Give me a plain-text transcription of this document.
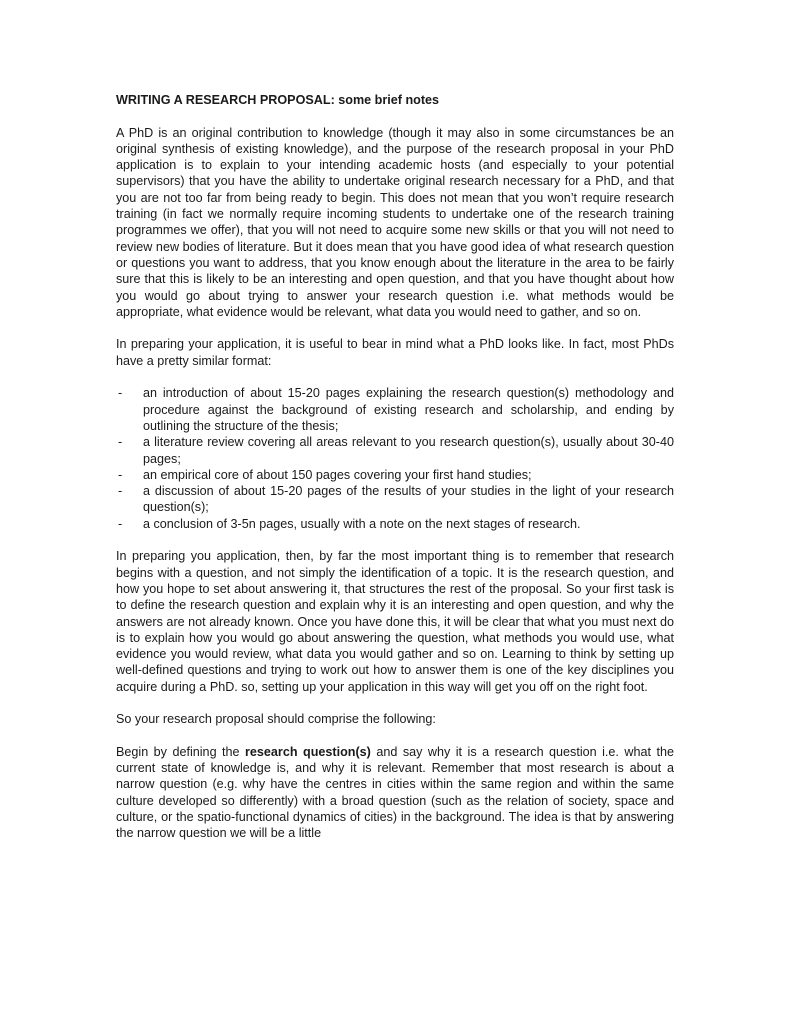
WRITING A RESEARCH PROPOSAL: some brief notes

A PhD is an original contribution to knowledge (though it may also in some circumstances be an original synthesis of existing knowledge), and the purpose of the research proposal in your PhD application is to explain to your intending academic hosts (and especially to your potential supervisors) that you have the ability to undertake original research necessary for a PhD, and that you are not too far from being ready to begin. This does not mean that you won’t require research training (in fact we normally require incoming students to undertake one of the research training programmes we offer), that you will not need to acquire some new skills or that you will not need to review new bodies of literature. But it does mean that you have good idea of what research question or questions you want to address, that you know enough about the literature in the area to be fairly sure that this is likely to be an interesting and open question, and that you have thought about how you would go about trying to answer your research question i.e. what methods would be appropriate, what evidence would be relevant, what data you would need to gather, and so on.

In preparing your application, it is useful to bear in mind what a PhD looks like. In fact, most PhDs have a pretty similar format:

- an introduction of about 15-20 pages explaining the research question(s) methodology and procedure against the background of existing research and scholarship, and ending by outlining the structure of the thesis;
- a literature review covering all areas relevant to you research question(s), usually about 30-40 pages;
- an empirical core of about 150 pages covering your first hand studies;
- a discussion of about 15-20 pages of the results of your studies in the light of your research question(s);
- a conclusion of 3-5n pages, usually with a note on the next stages of research.

In preparing you application, then, by far the most important thing is to remember that research begins with a question, and not simply the identification of a topic. It is the research question, and how you hope to set about answering it, that structures the rest of the proposal. So your first task is to define the research question and explain why it is an interesting and open question, and why the answers are not already known. Once you have done this, it will be clear that what you must next do is to explain how you would go about answering the question, what methods you would use, what evidence you would review, what data you would gather and so on. Learning to think by setting up well-defined questions and trying to work out how to answer them is one of the key disciplines you acquire during a PhD. so, setting up your application in this way will get you off on the right foot.

So your research proposal should comprise the following:

Begin by defining the research question(s) and say why it is a research question i.e. what the current state of knowledge is, and why it is relevant. Remember that most research is about a narrow question (e.g. why have the centres in cities within the same region and within the same culture developed so differently) with a broad question (such as the relation of society, space and culture, or the spatio-functional dynamics of cities) in the background. The idea is that by answering the narrow question we will be a little
